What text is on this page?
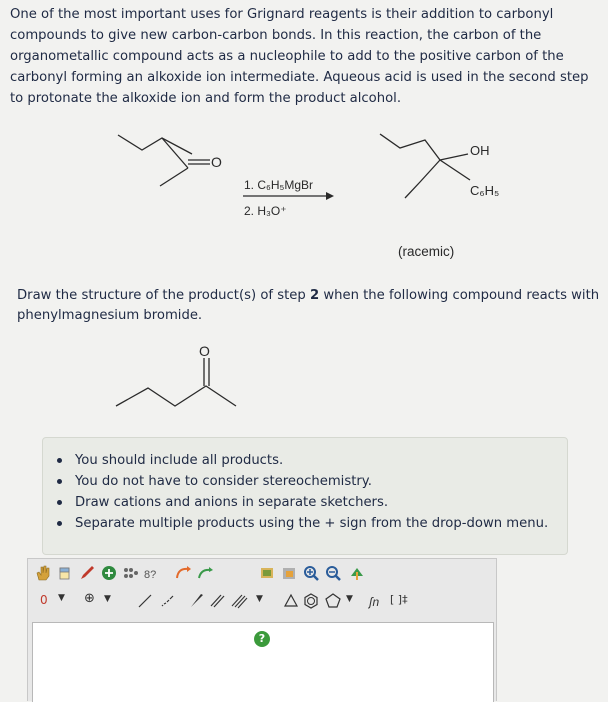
One of the most important uses for Grignard reagents is their addition to carbonyl
compounds to give new carbon-carbon bonds. In this reaction, the carbon of the
organometallic compound acts as a nucleophile to add to the positive carbon of the
carbonyl forming an alkoxide ion intermediate. Aqueous acid is used in the second step
to protonate the alkoxide ion and form the product alcohol.
O
1. C₆H₅MgBr
2. H₃O⁺
OH
C₆H₅
(racemic)
Draw the structure of the product(s) of step 2 when the following compound reacts with phenylmagnesium bromide.
O
You should include all products.
You do not have to consider stereochemistry.
Draw cations and anions in separate sketchers.
Separate multiple products using the + sign from the drop-down menu.
8?
0 ▼ ⊕ ▼	▼	▼ ʃn [ ]‡
?
